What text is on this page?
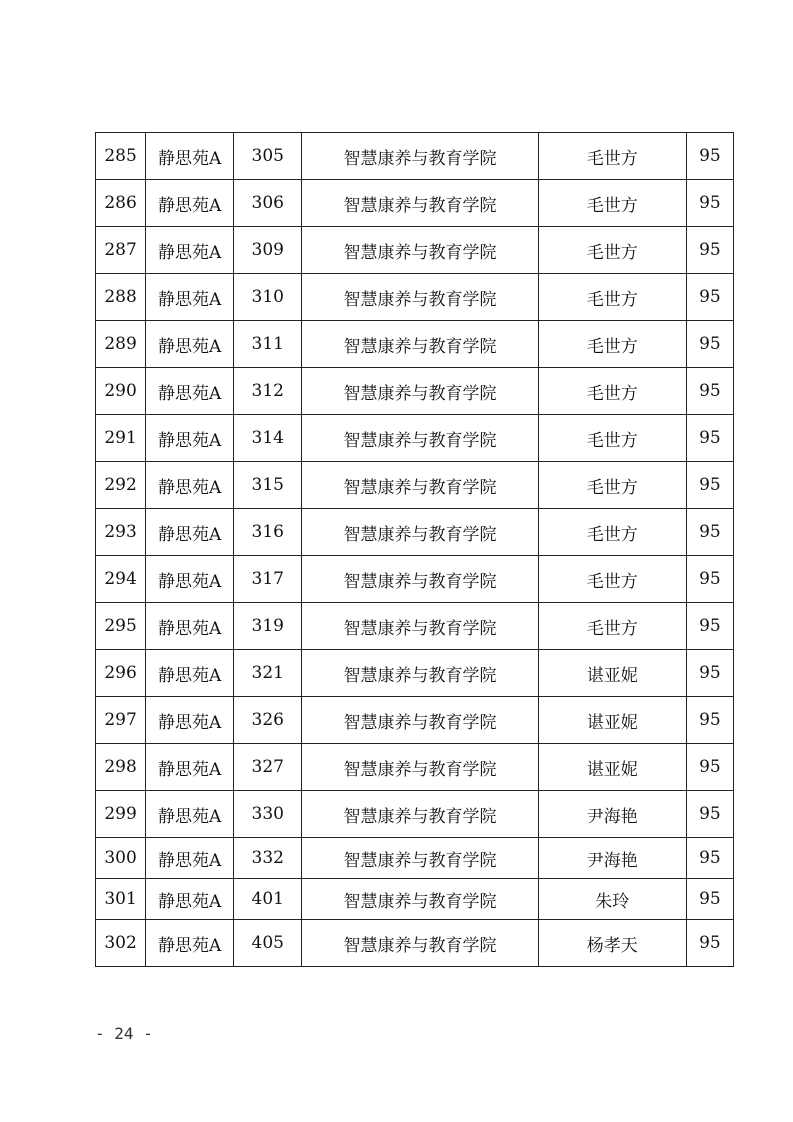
285	静思苑A	305	智慧康养与教育学院	毛世方	95
286	静思苑A	306	智慧康养与教育学院	毛世方	95
287	静思苑A	309	智慧康养与教育学院	毛世方	95
288	静思苑A	310	智慧康养与教育学院	毛世方	95
289	静思苑A	311	智慧康养与教育学院	毛世方	95
290	静思苑A	312	智慧康养与教育学院	毛世方	95
291	静思苑A	314	智慧康养与教育学院	毛世方	95
292	静思苑A	315	智慧康养与教育学院	毛世方	95
293	静思苑A	316	智慧康养与教育学院	毛世方	95
294	静思苑A	317	智慧康养与教育学院	毛世方	95
295	静思苑A	319	智慧康养与教育学院	毛世方	95
296	静思苑A	321	智慧康养与教育学院	谌亚妮	95
297	静思苑A	326	智慧康养与教育学院	谌亚妮	95
298	静思苑A	327	智慧康养与教育学院	谌亚妮	95
299	静思苑A	330	智慧康养与教育学院	尹海艳	95
300	静思苑A	332	智慧康养与教育学院	尹海艳	95
301	静思苑A	401	智慧康养与教育学院	朱玲	95
302	静思苑A	405	智慧康养与教育学院	杨孝天	95
- 24 -
